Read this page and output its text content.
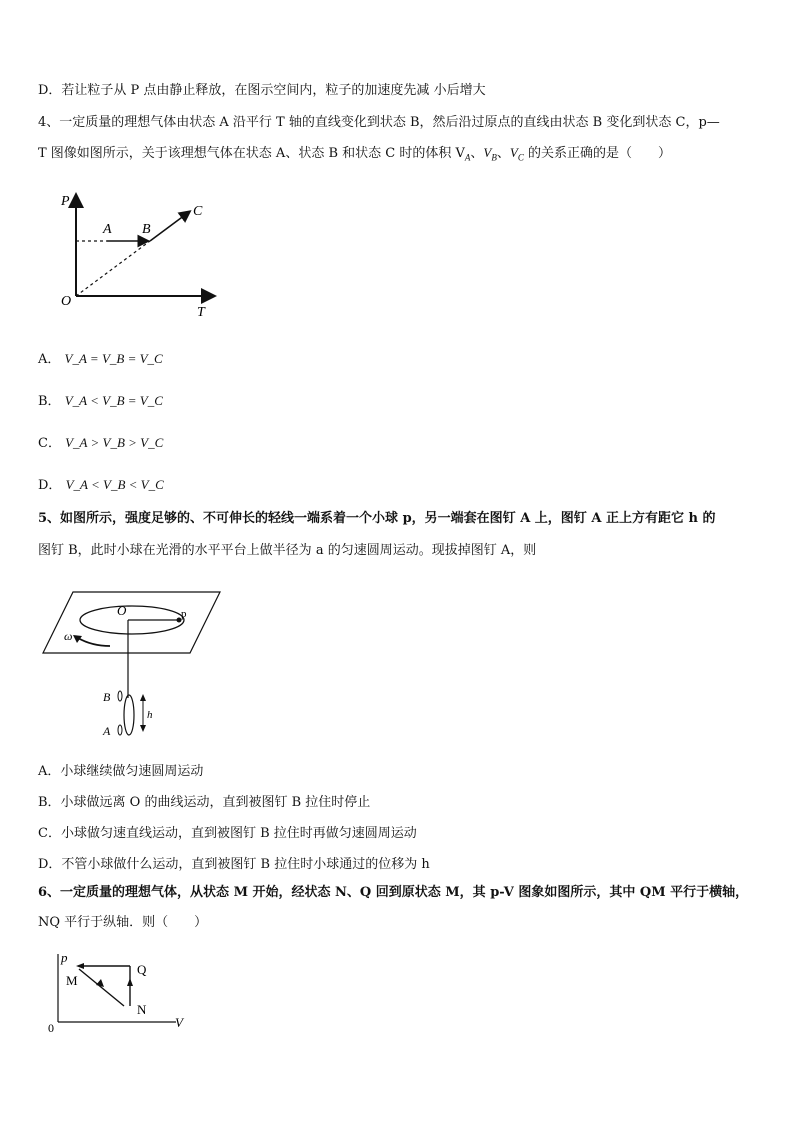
D．若让粒子从 P 点由静止释放，在图示空间内，粒子的加速度先减 小后增大
4、一定质量的理想气体由状态 A 沿平行 T 轴的直线变化到状态 B，然后沿过原点的直线由状态 B 变化到状态 C，p—
T 图像如图所示，关于该理想气体在状态 A、状态 B 和状态 C 时的体积 $V_A$、$V_B$、$V_C$ 的关系正确的是（　　）
P
T
O
A B
C
A． V_A = V_B = V_C
B． V_A < V_B = V_C
C． V_A > V_B > V_C
D． V_A < V_B < V_C
5、如图所示，强度足够的、不可伸长的轻线一端系着一个小球 p，另一端套在图钉 A 上，图钉 A 正上方有距它 h 的
图钉 B，此时小球在光滑的水平平台上做半径为 a 的匀速圆周运动。现拔掉图钉 A，则
O	p
ω
B
A
h
A．小球继续做匀速圆周运动
B．小球做远离 O 的曲线运动，直到被图钉 B 拉住时停止
C．小球做匀速直线运动，直到被图钉 B 拉住时再做匀速圆周运动
D．不管小球做什么运动，直到被图钉 B 拉住时小球通过的位移为 h
6、一定质量的理想气体，从状态 M 开始，经状态 N、Q 回到原状态 M，其 p-V 图象如图所示，其中 QM 平行于横轴，
NQ 平行于纵轴．则（　　）
p
V
0
M
Q
N
